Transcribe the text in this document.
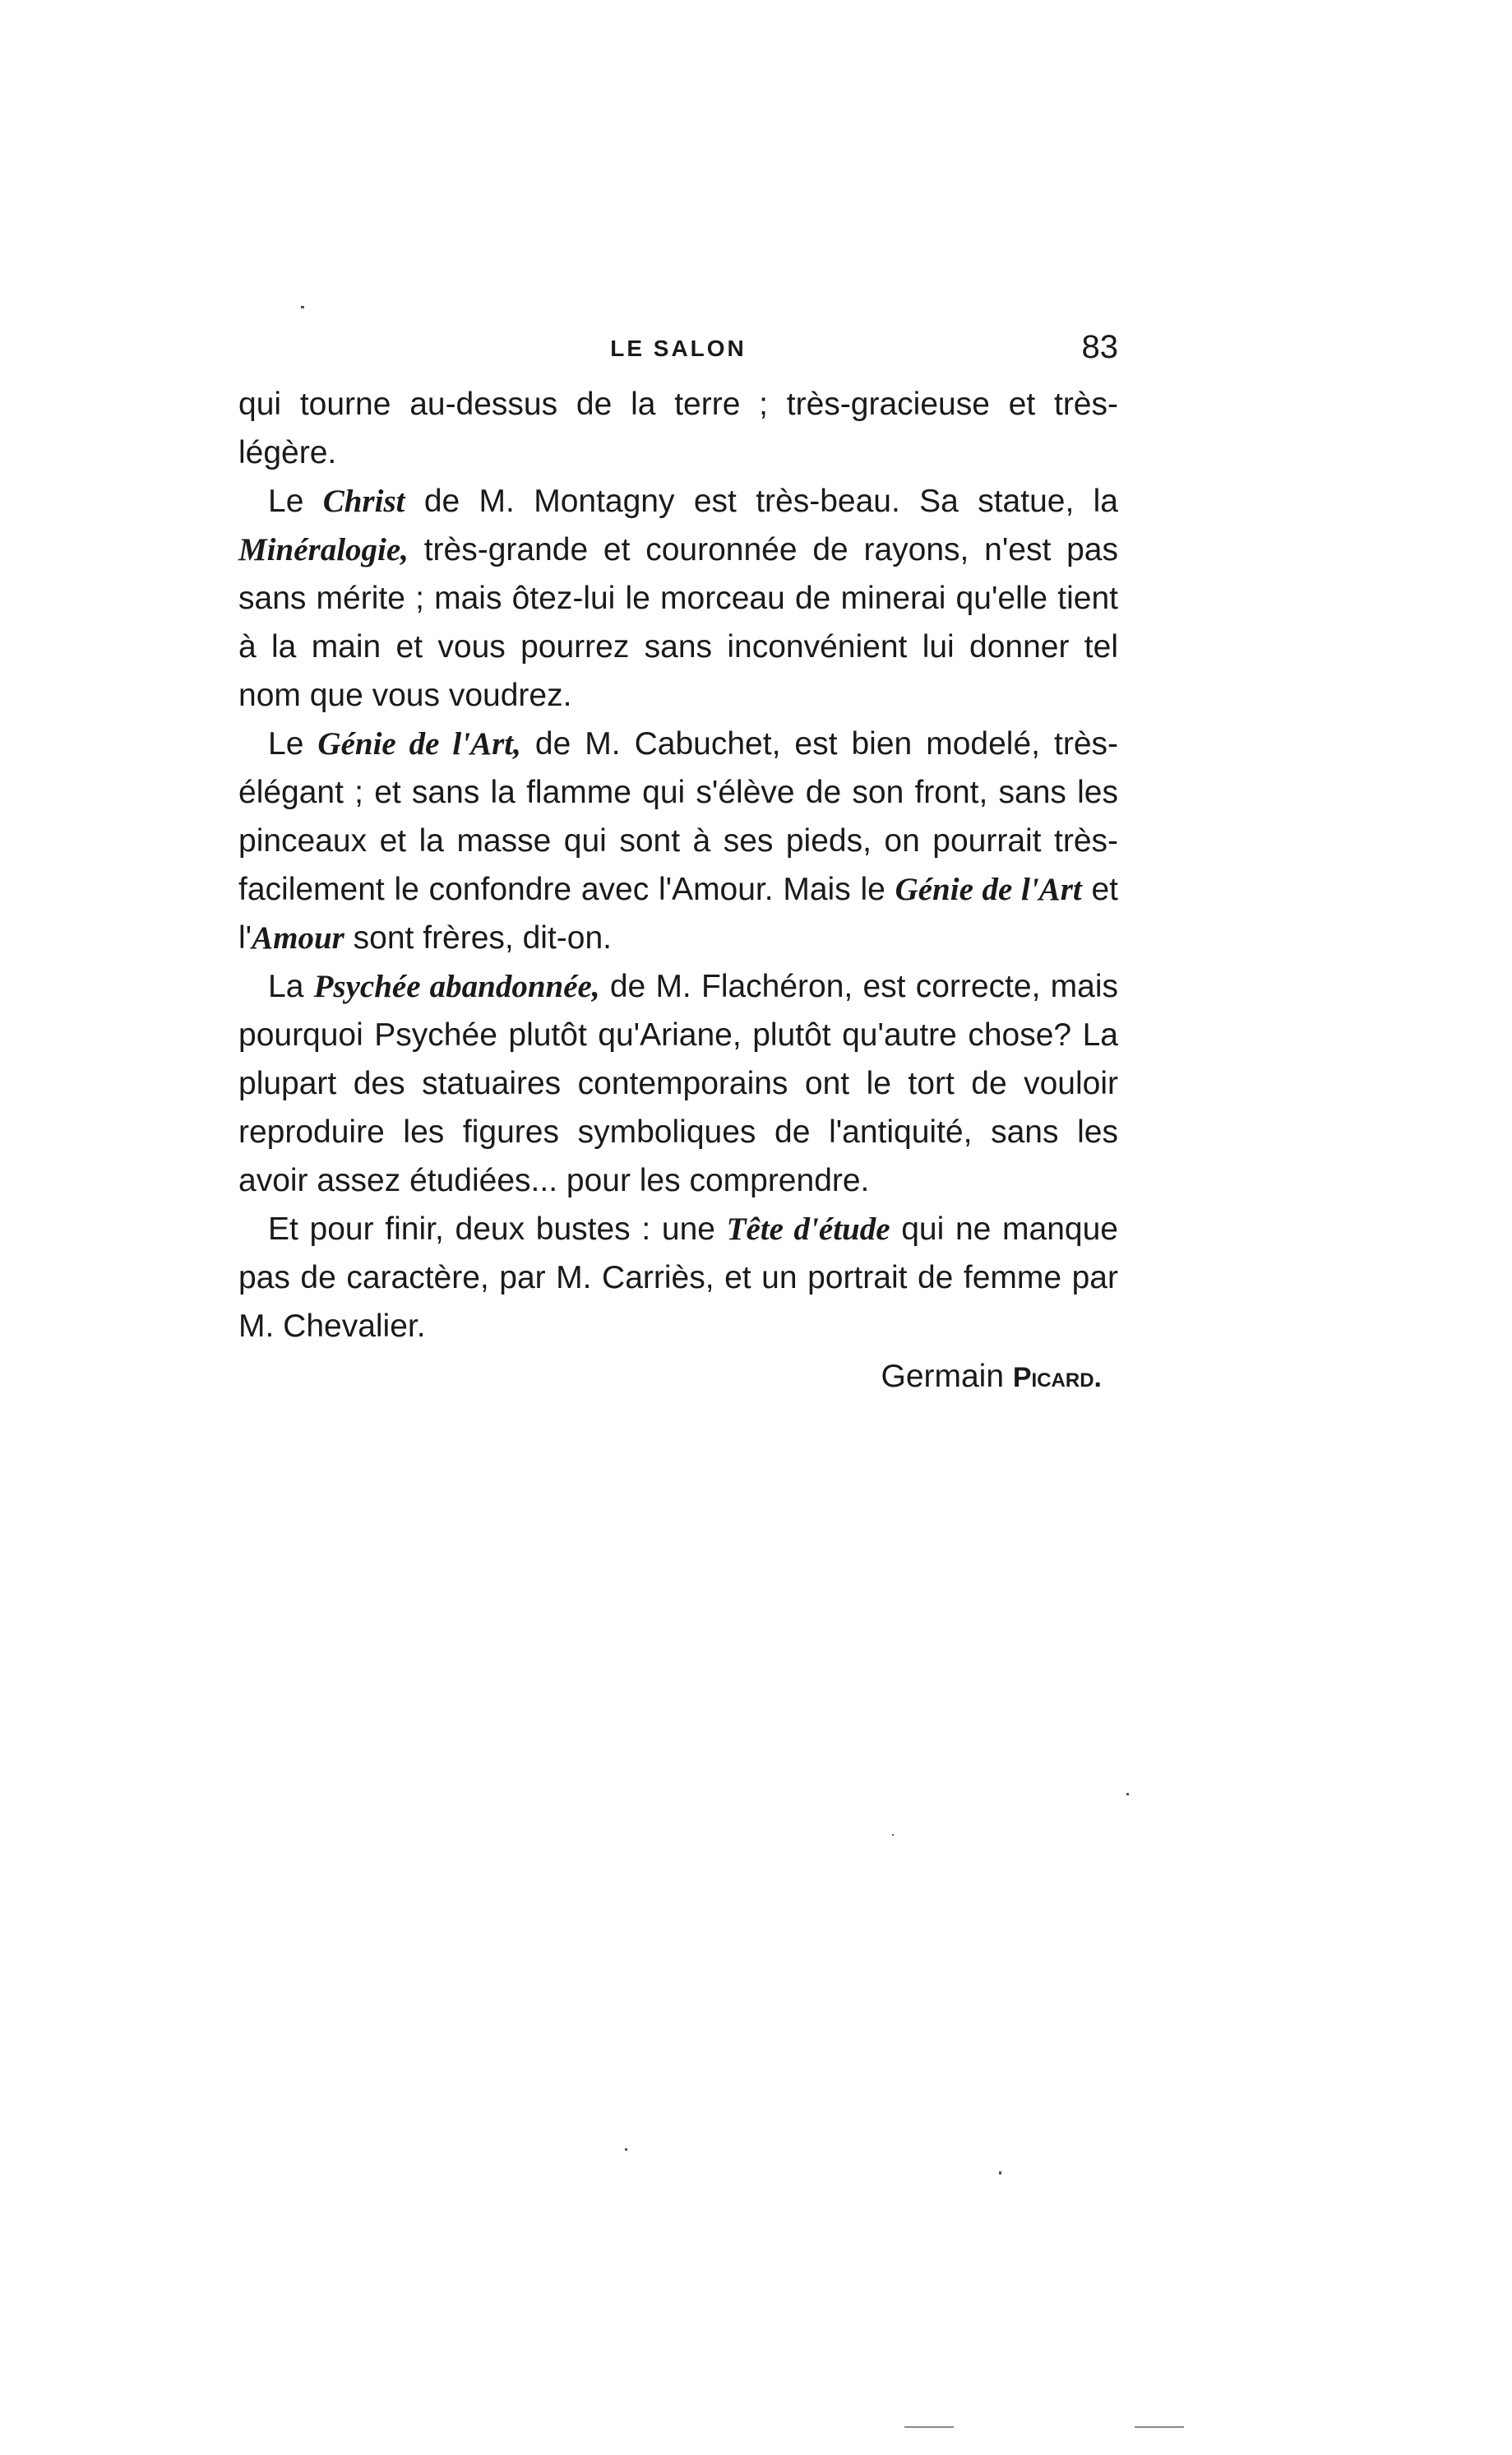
LE SALON	83

qui tourne au-dessus de la terre ; très-gracieuse et très-légère.

Le Christ de M. Montagny est très-beau. Sa statue, la Minéralogie, très-grande et couronnée de rayons, n'est pas sans mérite ; mais ôtez-lui le morceau de minerai qu'elle tient à la main et vous pourrez sans inconvénient lui donner tel nom que vous voudrez.

Le Génie de l'Art, de M. Cabuchet, est bien modelé, très-élégant ; et sans la flamme qui s'élève de son front, sans les pinceaux et la masse qui sont à ses pieds, on pourrait très-facilement le confondre avec l'Amour. Mais le Génie de l'Art et l'Amour sont frères, dit-on.

La Psychée abandonnée, de M. Flachéron, est correcte, mais pourquoi Psychée plutôt qu'Ariane, plutôt qu'autre chose? La plupart des statuaires contemporains ont le tort de vouloir reproduire les figures symboliques de l'antiquité, sans les avoir assez étudiées... pour les comprendre.

Et pour finir, deux bustes : une Tête d'étude qui ne manque pas de caractère, par M. Carriès, et un portrait de femme par M. Chevalier.

Germain Picard.
